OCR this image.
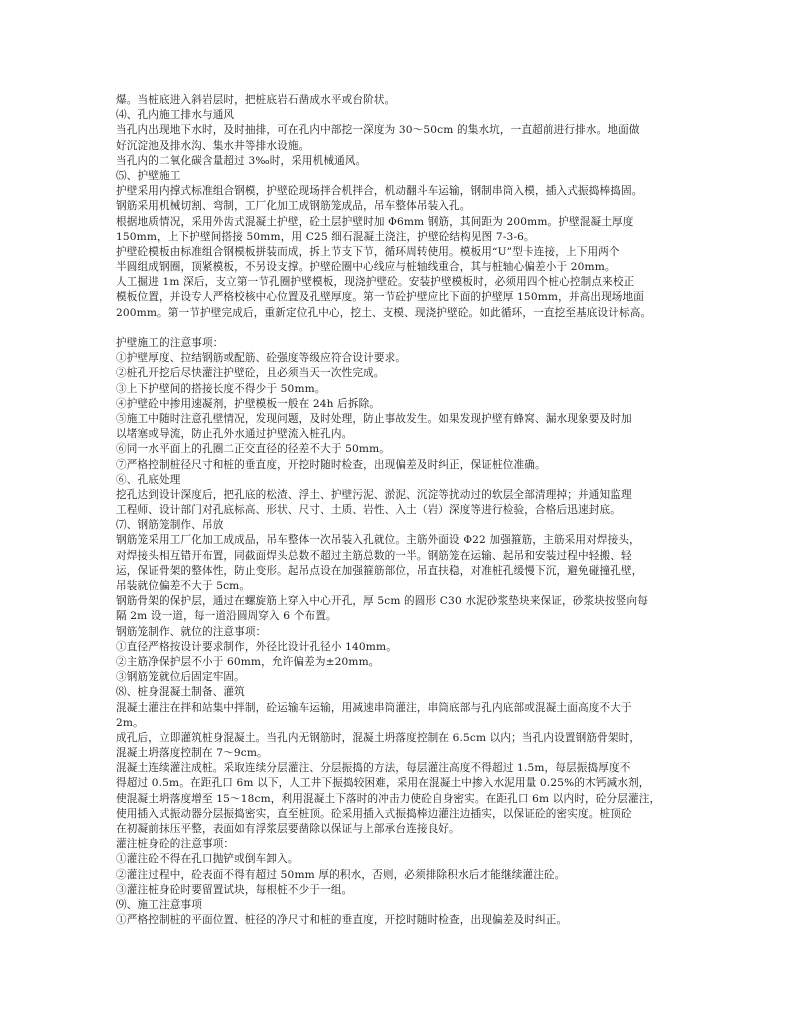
爆。当桩底进入斜岩层时，把桩底岩石凿成水平或台阶状。
⑷、孔内施工排水与通风
当孔内出现地下水时，及时抽排，可在孔内中部挖一深度为 30～50cm 的集水坑，一直超前进行排水。地面做
好沉淀池及排水沟、集水井等排水设施。
当孔内的二氧化碳含量超过 3‰时，采用机械通风。
⑸、护壁施工
护壁采用内撑式标准组合钢模，护壁砼现场拌合机拌合，机动翻斗车运输，钢制串筒入模，插入式振捣棒捣固。
钢筋采用机械切割、弯制，工厂化加工成钢筋笼成品，吊车整体吊装入孔。
根据地质情况，采用外齿式混凝土护壁，砼土层护壁时加 Φ6mm 钢筋，其间距为 200mm。护壁混凝土厚度
150mm，上下护壁间搭接 50mm，用 C25 细石混凝土浇注，护壁砼结构见图 7-3-6。
护壁砼模板由标准组合钢模板拼装而成，拆上节支下节，循环周转使用。模板用“U”型卡连接，上下用两个
半圆组成钢圈，顶紧模板，不另设支撑。护壁砼圈中心线应与桩轴线重合，其与桩轴心偏差小于 20mm。
人工掘进 1m 深后，支立第一节孔圈护壁模板，现浇护壁砼。安装护壁模板时，必须用四个桩心控制点来校正
模板位置，并设专人严格校核中心位置及孔壁厚度。第一节砼护壁应比下面的护壁厚 150mm，并高出现场地面
200mm。第一节护壁完成后，重新定位孔中心，挖土、支模、现浇护壁砼。如此循环，一直挖至基底设计标高。
护壁施工的注意事项：
①护壁厚度、拉结钢筋或配筋、砼强度等级应符合设计要求。
②桩孔开挖后尽快灌注护壁砼，且必须当天一次性完成。
③上下护壁间的搭接长度不得少于 50mm。
④护壁砼中掺用速凝剂，护壁模板一般在 24h 后拆除。
⑤施工中随时注意孔壁情况，发现问题，及时处理，防止事故发生。如果发现护壁有蜂窝、漏水现象要及时加
以堵塞或导流，防止孔外水通过护壁流入桩孔内。
⑥同一水平面上的孔圈二正交直径的径差不大于 50mm。
⑦严格控制桩径尺寸和桩的垂直度，开挖时随时检查，出现偏差及时纠正，保证桩位准确。
⑥、孔底处理
挖孔达到设计深度后，把孔底的松渣、浮土、护壁污泥、淤泥、沉淀等扰动过的软层全部清理掉；并通知监理
工程师、设计部门对孔底标高、形状、尺寸、土质、岩性、入土（岩）深度等进行检验，合格后迅速封底。
⑺、钢筋笼制作、吊放
钢筋笼采用工厂化加工成成品，吊车整体一次吊装入孔就位。主筋外面设 Φ22 加强箍筋，主筋采用对焊接头，
对焊接头相互错开布置，同截面焊头总数不超过主筋总数的一半。钢筋笼在运输、起吊和安装过程中轻搬、轻
运，保证骨架的整体性，防止变形。起吊点设在加强箍筋部位，吊直扶稳，对准桩孔缓慢下沉，避免碰撞孔壁，
吊装就位偏差不大于 5cm。
钢筋骨架的保护层，通过在螺旋筋上穿入中心开孔，厚 5cm 的圆形 C30 水泥砂浆垫块来保证，砂浆块按竖向每
隔 2m 设一道，每一道沿圆周穿入 6 个布置。
钢筋笼制作、就位的注意事项：
①直径严格按设计要求制作，外径比设计孔径小 140mm。
②主筋净保护层不小于 60mm，允许偏差为±20mm。
③钢筋笼就位后固定牢固。
⑻、桩身混凝土制备、灌筑
混凝土灌注在拌和站集中拌制，砼运输车运输，用减速串筒灌注，串筒底部与孔内底部或混凝土面高度不大于
2m。
成孔后，立即灌筑桩身混凝土。当孔内无钢筋时，混凝土坍落度控制在 6.5cm 以内；当孔内设置钢筋骨架时，
混凝土坍落度控制在 7～9cm。
混凝土连续灌注成桩。采取连续分层灌注、分层振捣的方法，每层灌注高度不得超过 1.5m，每层振捣厚度不
得超过 0.5m。在距孔口 6m 以下，人工井下振捣较困难，采用在混凝土中掺入水泥用量 0.25%的木钙减水剂，
使混凝土坍落度增至 15～18cm，利用混凝土下落时的冲击力使砼自身密实。在距孔口 6m 以内时，砼分层灌注，
使用插入式振动器分层振捣密实，直至桩顶。砼采用插入式振捣棒边灌注边插实，以保证砼的密实度。桩顶砼
在初凝前抹压平整，表面如有浮浆层要凿除以保证与上部承台连接良好。
灌注桩身砼的注意事项：
①灌注砼不得在孔口抛铲或倒车卸入。
②灌注过程中，砼表面不得有超过 50mm 厚的积水，否则，必须排除积水后才能继续灌注砼。
③灌注桩身砼时要留置试块，每根桩不少于一组。
⑼、施工注意事项
①严格控制桩的平面位置、桩径的净尺寸和桩的垂直度，开挖时随时检查，出现偏差及时纠正。
